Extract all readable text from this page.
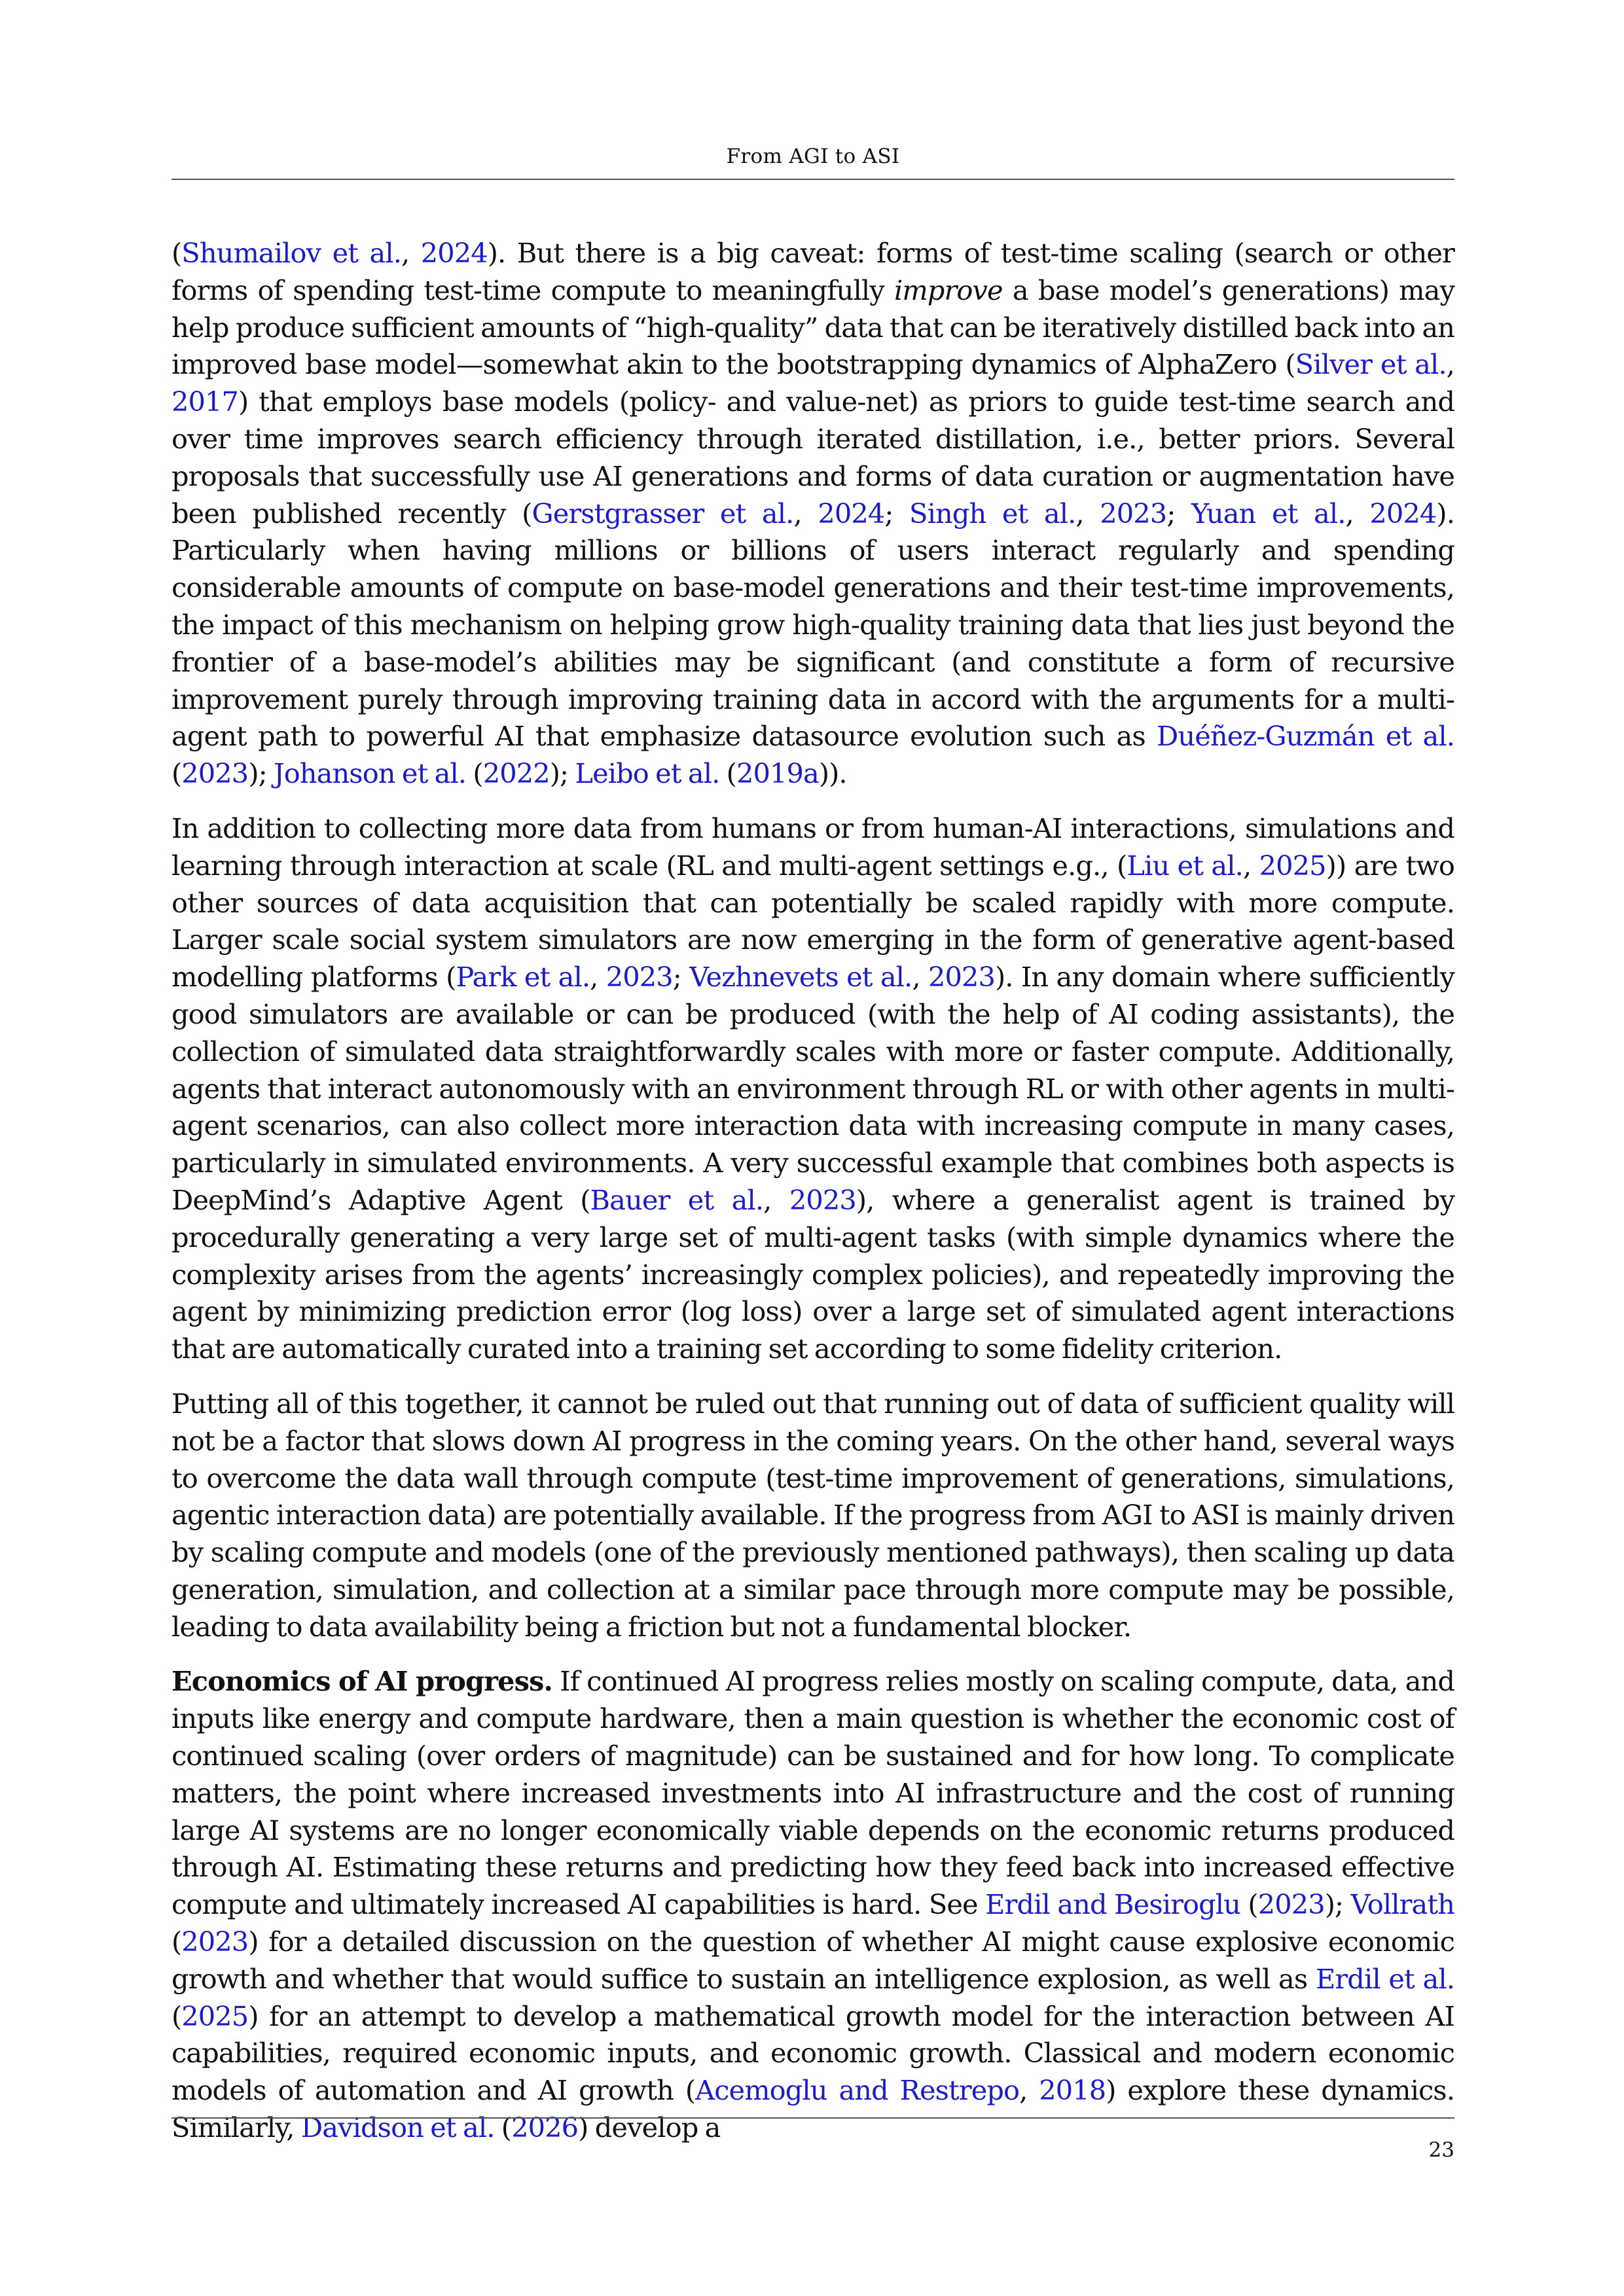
From AGI to ASI

(Shumailov et al., 2024). But there is a big caveat: forms of test-time scaling (search or other forms of spending test-time compute to meaningfully improve a base model’s generations) may help produce sufficient amounts of “high-quality” data that can be iteratively distilled back into an improved base model—somewhat akin to the bootstrapping dynamics of AlphaZero (Silver et al., 2017) that employs base models (policy- and value-net) as priors to guide test-time search and over time improves search efficiency through iterated distillation, i.e., better priors. Several proposals that successfully use AI generations and forms of data curation or augmentation have been published recently (Gerstgrasser et al., 2024; Singh et al., 2023; Yuan et al., 2024). Particularly when having millions or billions of users interact regularly and spending considerable amounts of compute on base-model generations and their test-time improvements, the impact of this mechanism on helping grow high-quality training data that lies just beyond the frontier of a base-model’s abilities may be significant (and constitute a form of recursive improvement purely through improving training data in accord with the arguments for a multi-agent path to powerful AI that emphasize datasource evolution such as Duéñez-Guzmán et al. (2023); Johanson et al. (2022); Leibo et al. (2019a)).

In addition to collecting more data from humans or from human-AI interactions, simulations and learning through interaction at scale (RL and multi-agent settings e.g., (Liu et al., 2025)) are two other sources of data acquisition that can potentially be scaled rapidly with more compute. Larger scale social system simulators are now emerging in the form of generative agent-based modelling platforms (Park et al., 2023; Vezhnevets et al., 2023). In any domain where sufficiently good simulators are available or can be produced (with the help of AI coding assistants), the collection of simulated data straightforwardly scales with more or faster compute. Additionally, agents that interact autonomously with an environment through RL or with other agents in multi-agent scenarios, can also collect more interaction data with increasing compute in many cases, particularly in simulated environments. A very successful example that combines both aspects is DeepMind’s Adaptive Agent (Bauer et al., 2023), where a generalist agent is trained by procedurally generating a very large set of multi-agent tasks (with simple dynamics where the complexity arises from the agents’ increasingly complex policies), and repeatedly improving the agent by minimizing prediction error (log loss) over a large set of simulated agent interactions that are automatically curated into a training set according to some fidelity criterion.

Putting all of this together, it cannot be ruled out that running out of data of sufficient quality will not be a factor that slows down AI progress in the coming years. On the other hand, several ways to overcome the data wall through compute (test-time improvement of generations, simulations, agentic interaction data) are potentially available. If the progress from AGI to ASI is mainly driven by scaling compute and models (one of the previously mentioned pathways), then scaling up data generation, simulation, and collection at a similar pace through more compute may be possible, leading to data availability being a friction but not a fundamental blocker.

Economics of AI progress. If continued AI progress relies mostly on scaling compute, data, and inputs like energy and compute hardware, then a main question is whether the economic cost of continued scaling (over orders of magnitude) can be sustained and for how long. To complicate matters, the point where increased investments into AI infrastructure and the cost of running large AI systems are no longer economically viable depends on the economic returns produced through AI. Estimating these returns and predicting how they feed back into increased effective compute and ultimately increased AI capabilities is hard. See Erdil and Besiroglu (2023); Vollrath (2023) for a detailed discussion on the question of whether AI might cause explosive economic growth and whether that would suffice to sustain an intelligence explosion, as well as Erdil et al. (2025) for an attempt to develop a mathematical growth model for the interaction between AI capabilities, required economic inputs, and economic growth. Classical and modern economic models of automation and AI growth (Acemoglu and Restrepo, 2018) explore these dynamics. Similarly, Davidson et al. (2026) develop a

23
